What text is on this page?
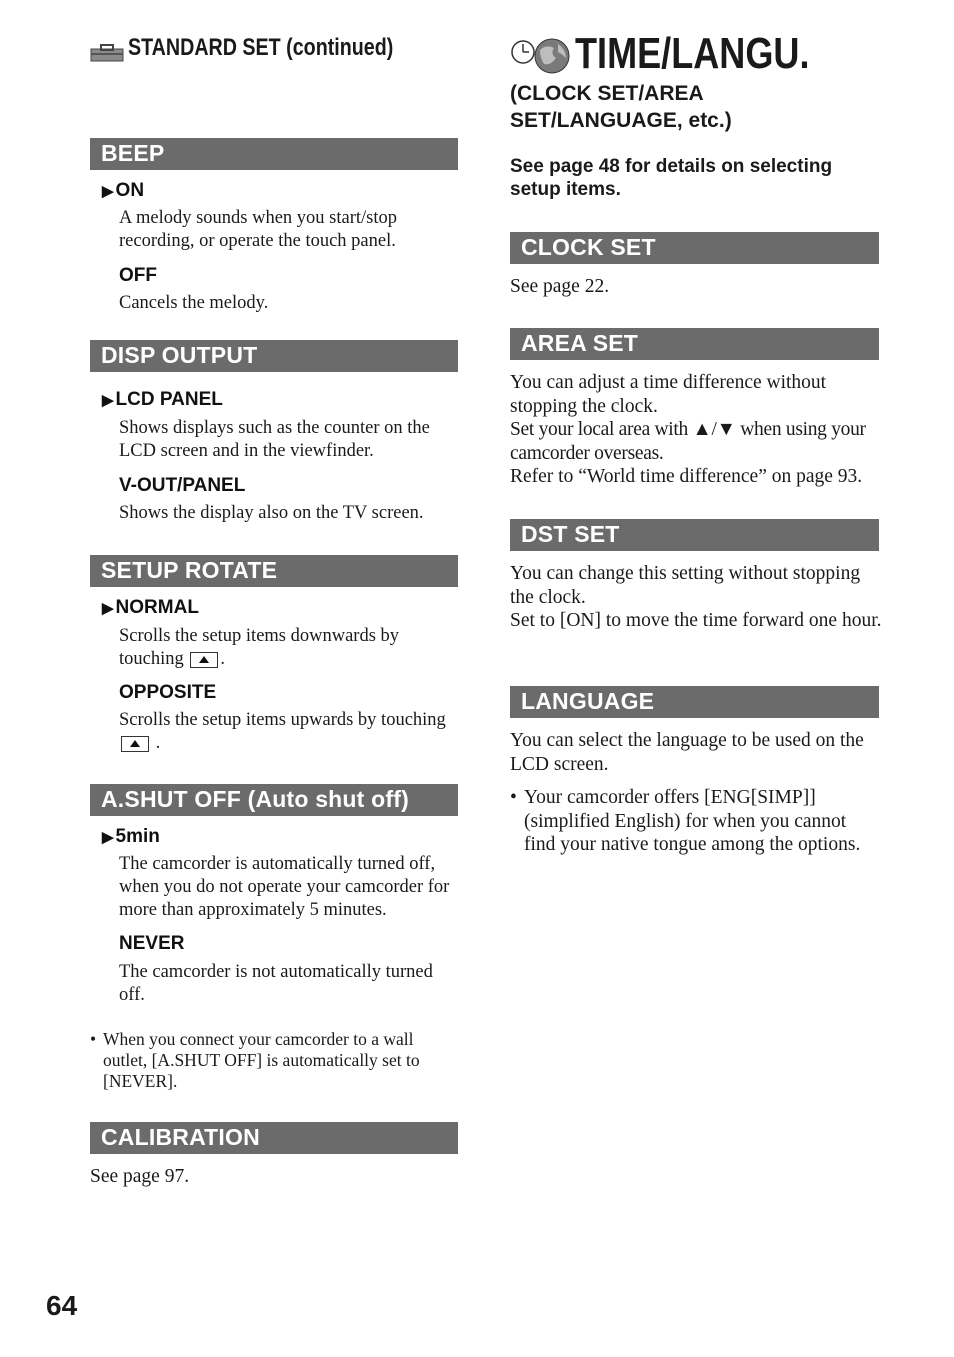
STANDARD SET (continued)
BEEP
▶ ON
A melody sounds when you start/stop recording, or operate the touch panel.
OFF
Cancels the melody.
DISP OUTPUT
▶ LCD PANEL
Shows displays such as the counter on the LCD screen and in the viewfinder.
V-OUT/PANEL
Shows the display also on the TV screen.
SETUP ROTATE
▶ NORMAL
Scrolls the setup items downwards by
touching .
OPPOSITE
Scrolls the setup items upwards by touching
.
A.SHUT OFF (Auto shut off)
▶ 5min
The camcorder is automatically turned off, when you do not operate your camcorder for more than approximately 5 minutes.
NEVER
The camcorder is not automatically turned off.
• When you connect your camcorder to a wall outlet, [A.SHUT OFF] is automatically set to [NEVER].
CALIBRATION
See page 97.
TIME/LANGU.
(CLOCK SET/AREA SET/LANGUAGE, etc.)
See page 48 for details on selecting setup items.
CLOCK SET
See page 22.
AREA SET
You can adjust a time difference without stopping the clock.
Set your local area with ▲/▼ when using your camcorder overseas.
Refer to “World time difference” on page 93.
DST SET
You can change this setting without stopping the clock.
Set to [ON] to move the time forward one hour.
LANGUAGE
You can select the language to be used on the LCD screen.
• Your camcorder offers [ENG[SIMP]] (simplified English) for when you cannot find your native tongue among the options.
64
